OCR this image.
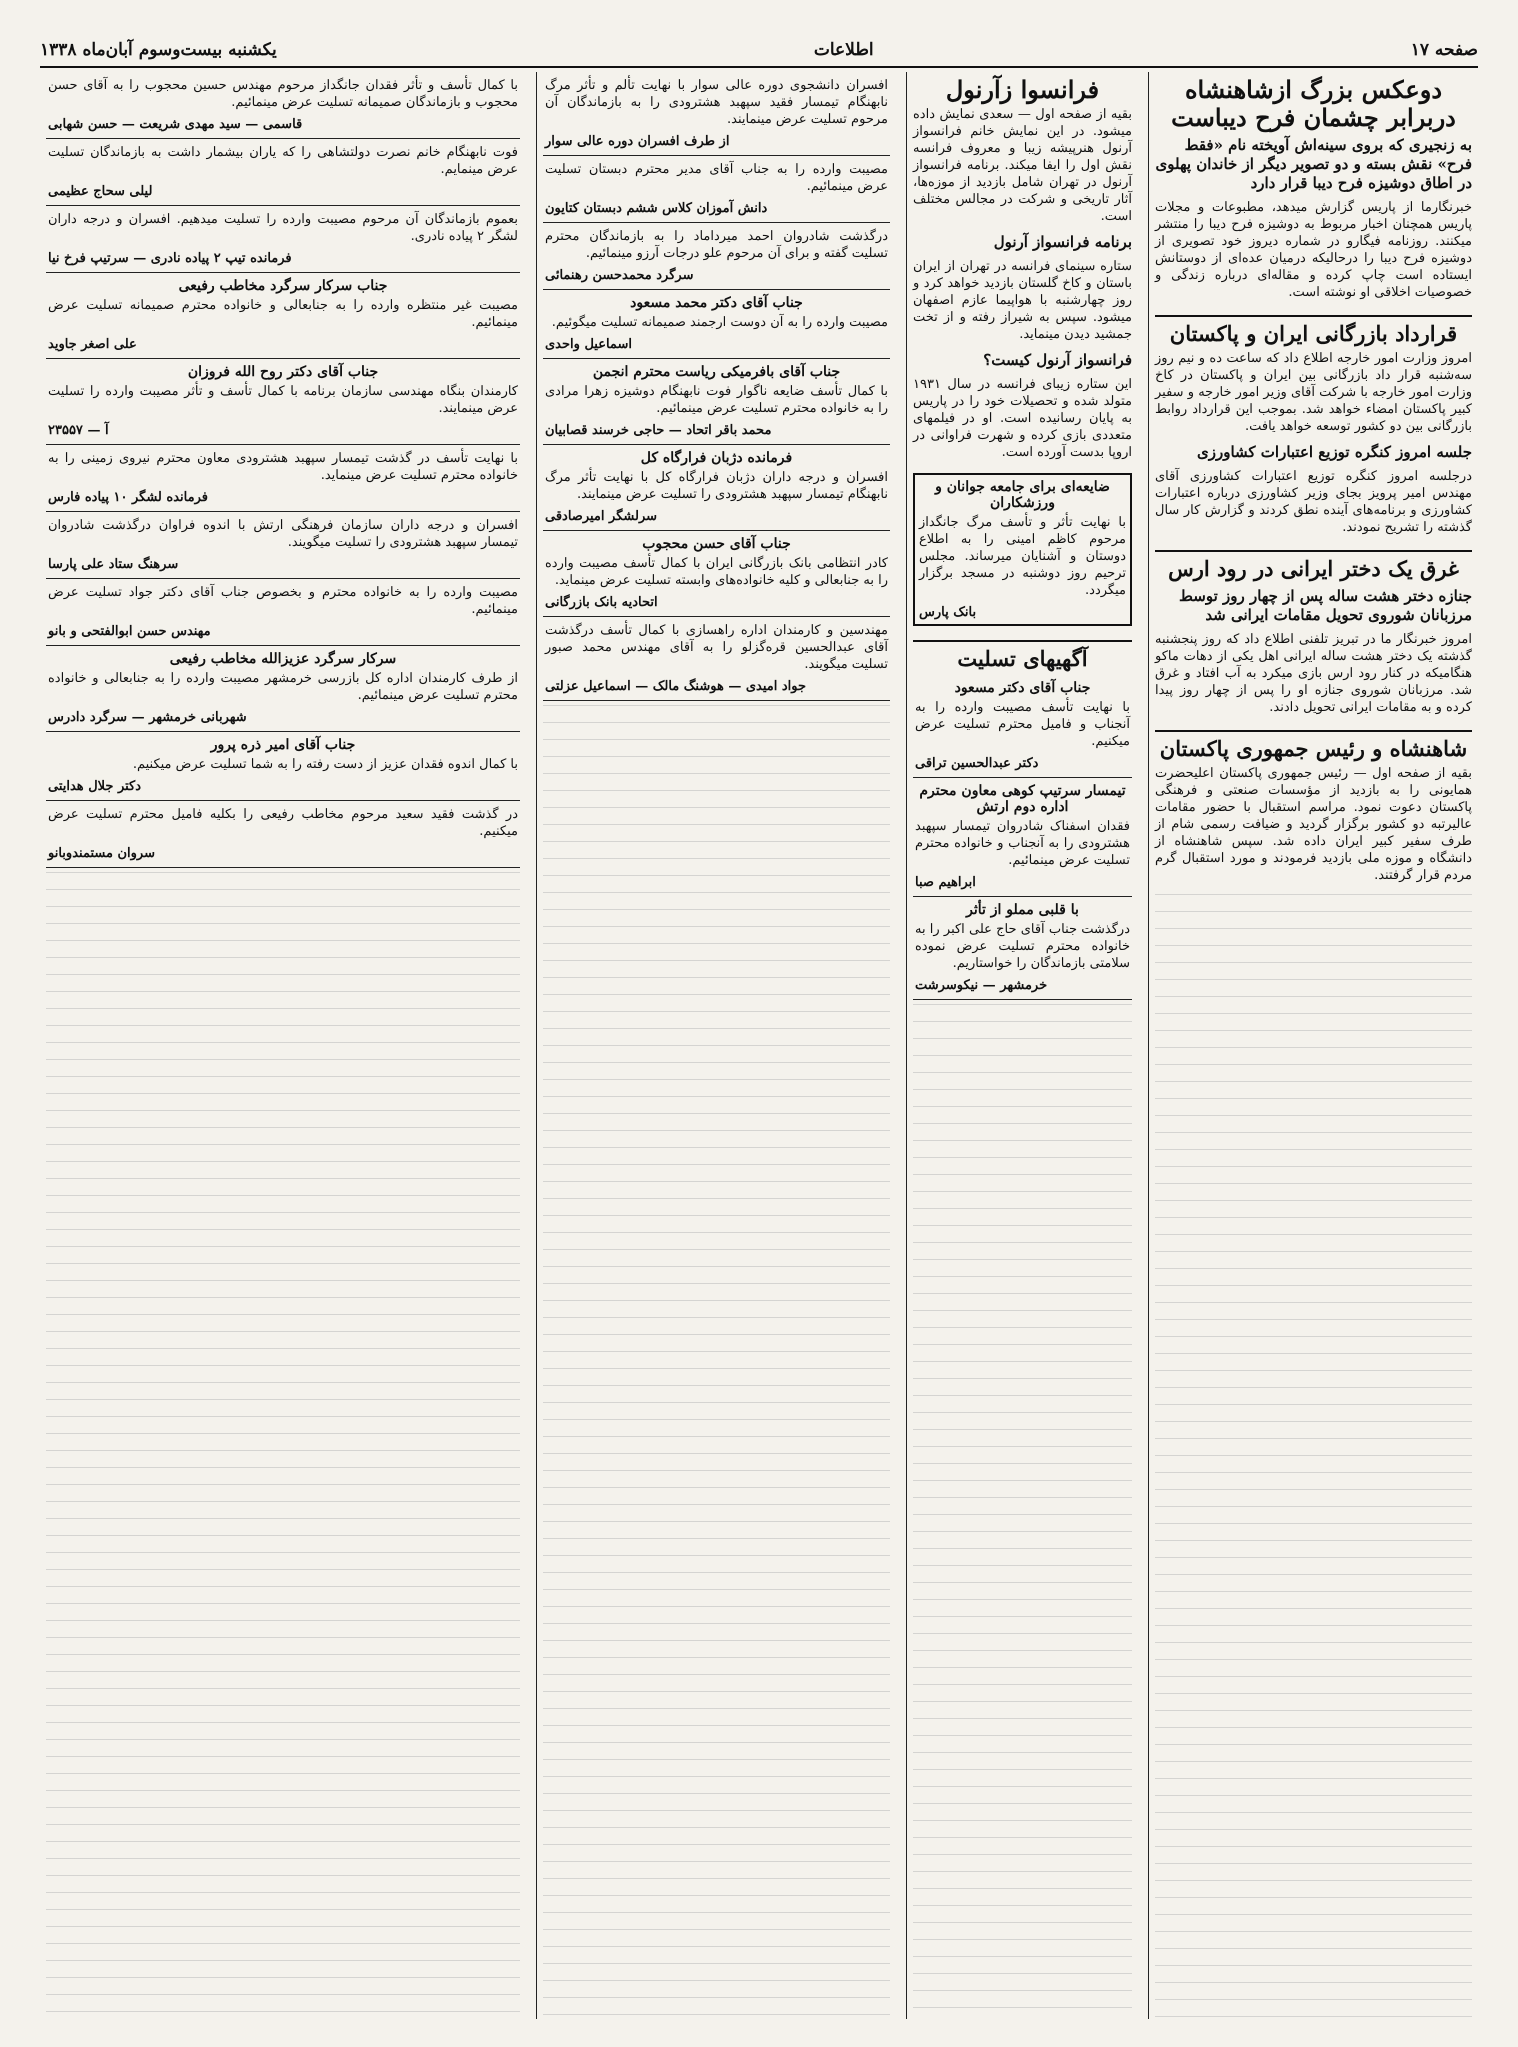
صفحه ۱۷
اطلاعات
یکشنبه بیست‌وسوم آبان‌ماه ۱۳۳۸
دوعکس بزرگ ازشاهنشاه دربرابر چشمان فرح دیباست
به زنجیری که بروی سینه‌اش آویخته نام «فقط فرح» نقش بسته و دو تصویر دیگر از خاندان پهلوی در اطاق دوشیزه فرح دیبا قرار دارد

خبرنگارما از پاریس گزارش میدهد، مطبوعات و مجلات پاریس همچنان اخبار مربوط به دوشیزه فرح دیبا را منتشر میکنند. روزنامه فیگارو در شماره دیروز خود تصویری از دوشیزه فرح دیبا را درحالیکه درمیان عده‌ای از دوستانش ایستاده است چاپ کرده و مقاله‌ای درباره زندگی و خصوصیات اخلاقی او نوشته است.

قرارداد بازرگانی ایران و پاکستان

امروز وزارت امور خارجه اطلاع داد که ساعت ده و نیم روز سه‌شنبه قرار داد بازرگانی بین ایران و پاکستان در کاخ وزارت امور خارجه با شرکت آقای وزیر امور خارجه و سفیر کبیر پاکستان امضاء خواهد شد. بموجب این قرارداد روابط بازرگانی بین دو کشور توسعه خواهد یافت.

جلسه امروز کنگره توزیع اعتبارات کشاورزی

درجلسه امروز کنگره توزیع اعتبارات کشاورزی آقای مهندس امیر پرویز بجای وزیر کشاورزی درباره اعتبارات کشاورزی و برنامه‌های آینده نطق کردند و گزارش کار سال گذشته را تشریح نمودند.

غرق یک دختر ایرانی در رود ارس
جنازه دختر هشت ساله پس از چهار روز توسط مرزبانان شوروی تحویل مقامات ایرانی شد

امروز خبرنگار ما در تبریز تلفنی اطلاع داد که روز پنجشنبه گذشته یک دختر هشت ساله ایرانی اهل یکی از دهات ماکو هنگامیکه در کنار رود ارس بازی میکرد به آب افتاد و غرق شد. مرزبانان شوروی جنازه او را پس از چهار روز پیدا کرده و به مقامات ایرانی تحویل دادند.

شاهنشاه و رئیس جمهوری پاکستان

بقیه از صفحه اول — رئیس جمهوری پاکستان اعلیحضرت همایونی را به بازدید از مؤسسات صنعتی و فرهنگی پاکستان دعوت نمود. مراسم استقبال با حضور مقامات عالیرتبه دو کشور برگزار گردید و ضیافت رسمی شام از طرف سفیر کبیر ایران داده شد. سپس شاهنشاه از دانشگاه و موزه ملی بازدید فرمودند و مورد استقبال گرم مردم قرار گرفتند.

فرانسوا زآرنول

بقیه از صفحه اول — سعدی نمایش داده میشود. در این نمایش خانم فرانسواز آرنول هنرپیشه زیبا و معروف فرانسه نقش اول را ایفا میکند. برنامه فرانسواز آرنول در تهران شامل بازدید از موزه‌ها، آثار تاریخی و شرکت در مجالس مختلف است.

برنامه فرانسواز آرنول

ستاره سینمای فرانسه در تهران از ایران باستان و کاخ گلستان بازدید خواهد کرد و روز چهارشنبه با هواپیما عازم اصفهان میشود. سپس به شیراز رفته و از تخت جمشید دیدن مینماید.

فرانسواز آرنول کیست؟

این ستاره زیبای فرانسه در سال ۱۹۳۱ متولد شده و تحصیلات خود را در پاریس به پایان رسانیده است. او در فیلمهای متعددی بازی کرده و شهرت فراوانی در اروپا بدست آورده است.

ضایعه‌ای برای جامعه جوانان و ورزشکاران

با نهایت تأثر و تأسف مرگ جانگداز مرحوم کاظم امینی را به اطلاع دوستان و آشنایان میرساند. مجلس ترحیم روز دوشنبه در مسجد برگزار میگردد.

بانک پارس
آگهیهای تسلیت
جناب آقای دکتر مسعود

با نهایت تأسف مصیبت وارده را به آنجناب و فامیل محترم تسلیت عرض میکنیم.

دکتر عبدالحسین تراقی
تیمسار سرتیپ کوهی معاون محترم اداره دوم ارتش

فقدان اسفناک شادروان تیمسار سپهبد هشترودی را به آنجناب و خانواده محترم تسلیت عرض مینمائیم.

ابراهیم صبا
با قلبی مملو از تأثر

درگذشت جناب آقای حاج علی اکبر را به خانواده محترم تسلیت عرض نموده سلامتی بازماندگان را خواستاریم.

خرمشهر — نیکوسرشت

افسران دانشجوی دوره عالی سوار با نهایت تألم و تأثر مرگ نابهنگام تیمسار فقید سپهبد هشترودی را به بازماندگان آن مرحوم تسلیت عرض مینمایند.

از طرف افسران دوره عالی سوار

مصیبت وارده را به جناب آقای مدیر محترم دبستان تسلیت عرض مینمائیم.

دانش آموزان کلاس ششم دبستان کتایون

درگذشت شادروان احمد میرداماد را به بازماندگان محترم تسلیت گفته و برای آن مرحوم علو درجات آرزو مینمائیم.

سرگرد محمدحسن رهنمائی
جناب آقای دکتر محمد مسعود

مصیبت وارده را به آن دوست ارجمند صمیمانه تسلیت میگوئیم.

اسماعیل واحدی
جناب آقای بافرمیکی ریاست محترم انجمن

با کمال تأسف ضایعه ناگوار فوت نابهنگام دوشیزه زهرا مرادی را به خانواده محترم تسلیت عرض مینمائیم.

محمد باقر اتحاد — حاجی خرسند قصابیان
فرمانده دژبان فرارگاه کل

افسران و درجه داران دژبان فرارگاه کل با نهایت تأثر مرگ نابهنگام تیمسار سپهبد هشترودی را تسلیت عرض مینمایند.

سرلشگر امیرصادقی
جناب آقای حسن محجوب

کادر انتظامی بانک بازرگانی ایران با کمال تأسف مصیبت وارده را به جنابعالی و کلیه خانواده‌های وابسته تسلیت عرض مینماید.

اتحادیه بانک بازرگانی

مهندسین و کارمندان اداره راهسازی با کمال تأسف درگذشت آقای عبدالحسین قره‌گزلو را به آقای مهندس محمد صبور تسلیت میگویند.

جواد امیدی — هوشنگ مالک — اسماعیل عزلتی

با کمال تأسف و تأثر فقدان جانگداز مرحوم مهندس حسین محجوب را به آقای حسن محجوب و بازماندگان صمیمانه تسلیت عرض مینمائیم.

قاسمی — سید مهدی شریعت — حسن شهابی

فوت نابهنگام خانم نصرت دولتشاهی را که یاران بیشمار داشت به بازماندگان تسلیت عرض مینمایم.

لیلی سحاج عظیمی

بعموم بازماندگان آن مرحوم مصیبت وارده را تسلیت میدهیم. افسران و درجه داران لشگر ۲ پیاده نادری.

فرمانده تیپ ۲ پیاده نادری — سرتیپ فرخ نیا
جناب سرکار سرگرد مخاطب رفیعی

مصیبت غیر منتظره وارده را به جنابعالی و خانواده محترم صمیمانه تسلیت عرض مینمائیم.

علی اصغر جاوید
جناب آقای دکتر روح الله فروزان

کارمندان بنگاه مهندسی سازمان برنامه با کمال تأسف و تأثر مصیبت وارده را تسلیت عرض مینمایند.

آ — ۲۳۵۵۷

با نهایت تأسف در گذشت تیمسار سپهبد هشترودی معاون محترم نیروی زمینی را به خانواده محترم تسلیت عرض مینماید.

فرمانده لشگر ۱۰ پیاده فارس

افسران و درجه داران سازمان فرهنگی ارتش با اندوه فراوان درگذشت شادروان تیمسار سپهبد هشترودی را تسلیت میگویند.

سرهنگ ستاد علی پارسا

مصیبت وارده را به خانواده محترم و بخصوص جناب آقای دکتر جواد تسلیت عرض مینمائیم.

مهندس حسن ابوالفتحی و بانو
سرکار سرگرد عزیزالله مخاطب رفیعی

از طرف کارمندان اداره کل بازرسی خرمشهر مصیبت وارده را به جنابعالی و خانواده محترم تسلیت عرض مینمائیم.

شهربانی خرمشهر — سرگرد دادرس
جناب آقای امیر ذره پرور

با کمال اندوه فقدان عزیز از دست رفته را به شما تسلیت عرض میکنیم.

دکتر جلال هدایتی

در گذشت فقید سعید مرحوم مخاطب رفیعی را بکلیه فامیل محترم تسلیت عرض میکنیم.

سروان مستمندوبانو
